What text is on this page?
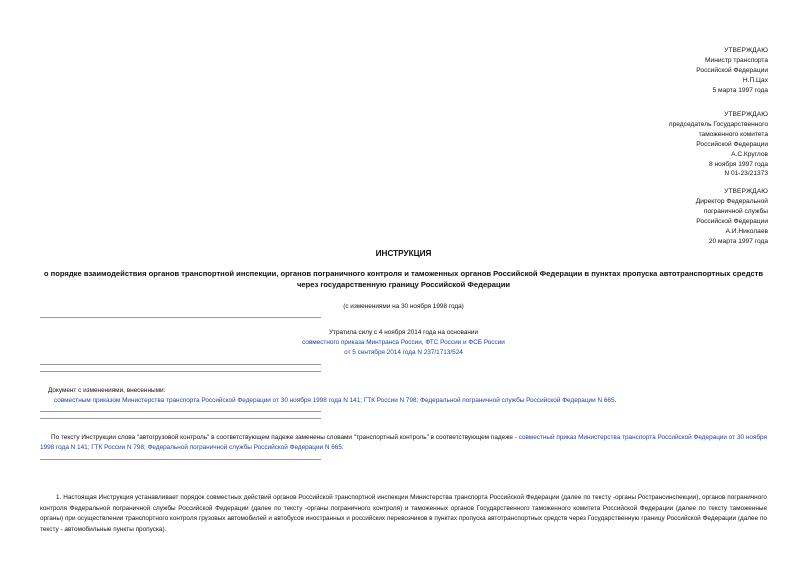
УТВЕРЖДАЮ
Министр транспорта
Российской Федерации
Н.П.Цах
5 марта 1997 года
УТВЕРЖДАЮ
председатель Государственного
таможенного комитета
Российской Федерации
А.С.Круглов
8 ноября 1997 года
N 01-23/21373
УТВЕРЖДАЮ
Директор Федеральной
пограничной службы
Российской Федерации
А.И.Николаев
20 марта 1997 года
ИНСТРУКЦИЯ
о порядке взаимодействия органов транспортной инспекции, органов пограничного контроля и таможенных органов Российской Федерации в пунктах пропуска автотранспортных средств через государственную границу Российской Федерации
(с изменениями на 30 ноября 1998 года)
Утратила силу с 4 ноября 2014 года на основании
совместного приказа Минтранса России, ФТС России и ФСБ России
от 5 сентября 2014 года N 237/1713/524
Документ с изменениями, внесенными:
совместным приказом Министерства транспорта Российской Федерации от 30 ноября 1998 года N 141; ГТК России N 798; Федеральной пограничной службы Российской Федерации N 665.
По тексту Инструкции слова "автогрузовой контроль" в соответствующем падеже заменены словами "транспортный контроль" в соответствующем падеже - совместный приказ Министерства транспорта Российской Федерации от 30 ноября 1998 года N 141; ГТК России N 798; Федеральной пограничной службы Российской Федерации N 665.
1. Настоящая Инструкция устанавливает порядок совместных действий органов Российской транспортной инспекции Министерства транспорта Российской Федерации (далее по тексту -органы Ространсинспекции), органов пограничного контроля Федеральной пограничной службы Российской Федерации (далее по тексту -органы пограничного контроля) и таможенных органов Государственного таможенного комитета Российской Федерации (далее по тексту таможенные органы) при осуществлении транспортного контроля грузовых автомобилей и автобусов иностранных и российских перевозчиков в пунктах пропуска автотранспортных средств через Государственную границу Российской Федерации (далее по тексту - автомобильные пункты пропуска).
